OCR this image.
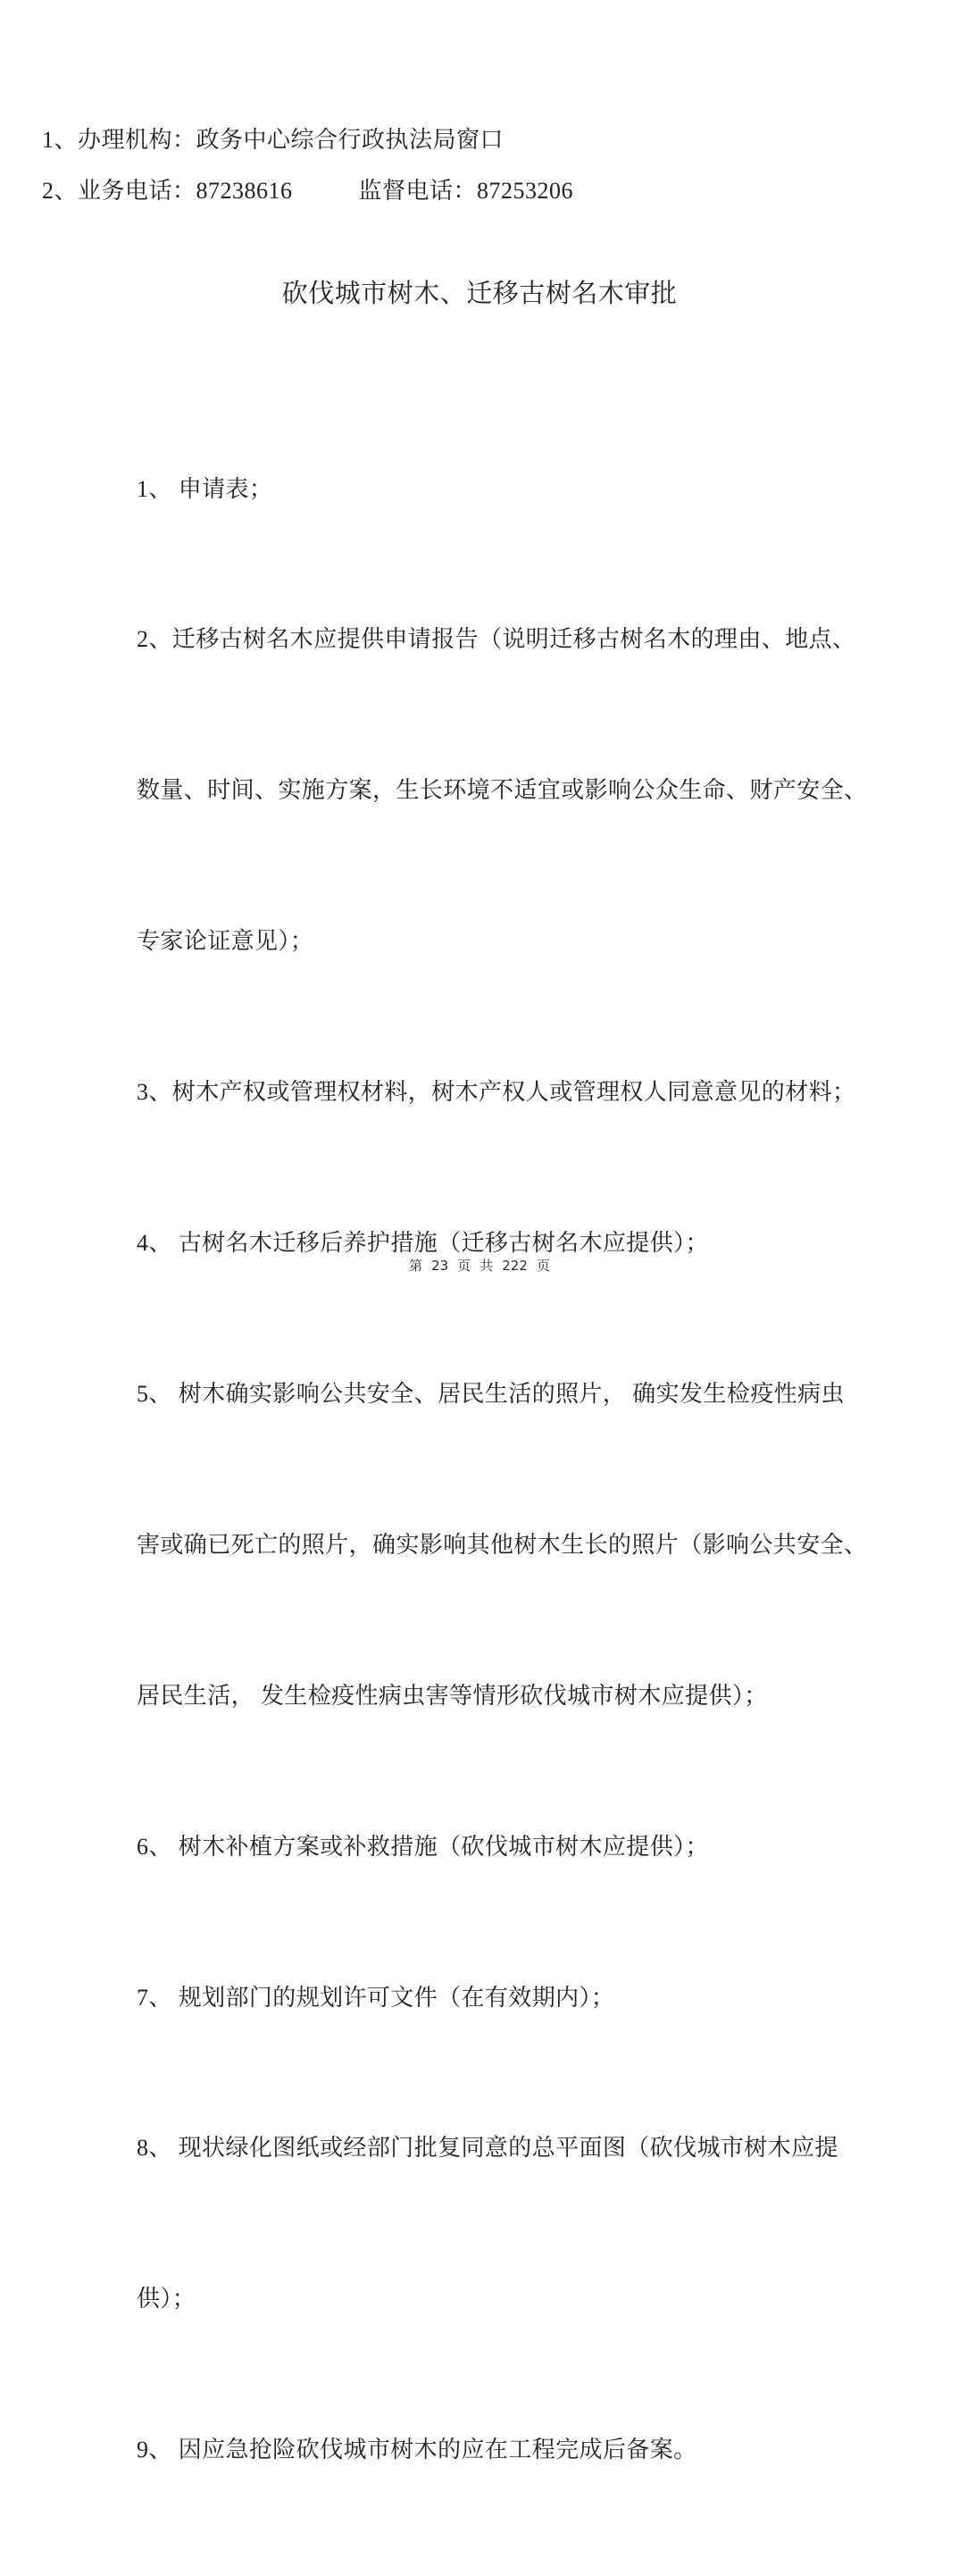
1、办理机构：政务中心综合行政执法局窗口
2、业务电话：87238616	监督电话：87253206
砍伐城市树木、迁移古树名木审批

1、 申请表；

2、迁移古树名木应提供申请报告（说明迁移古树名木的理由、地点、

数量、时间、实施方案，生长环境不适宜或影响公众生命、财产安全、

专家论证意见）；

3、树木产权或管理权材料，树木产权人或管理权人同意意见的材料；

4、 古树名木迁移后养护措施（迁移古树名木应提供）；

5、 树木确实影响公共安全、居民生活的照片， 确实发生检疫性病虫

害或确已死亡的照片，确实影响其他树木生长的照片（影响公共安全、

居民生活， 发生检疫性病虫害等情形砍伐城市树木应提供）；

6、 树木补植方案或补救措施（砍伐城市树木应提供）；

7、 规划部门的规划许可文件（在有效期内）；

8、 现状绿化图纸或经部门批复同意的总平面图（砍伐城市树木应提

供）；

9、 因应急抢险砍伐城市树木的应在工程完成后备案。

第 23 页 共 222 页
